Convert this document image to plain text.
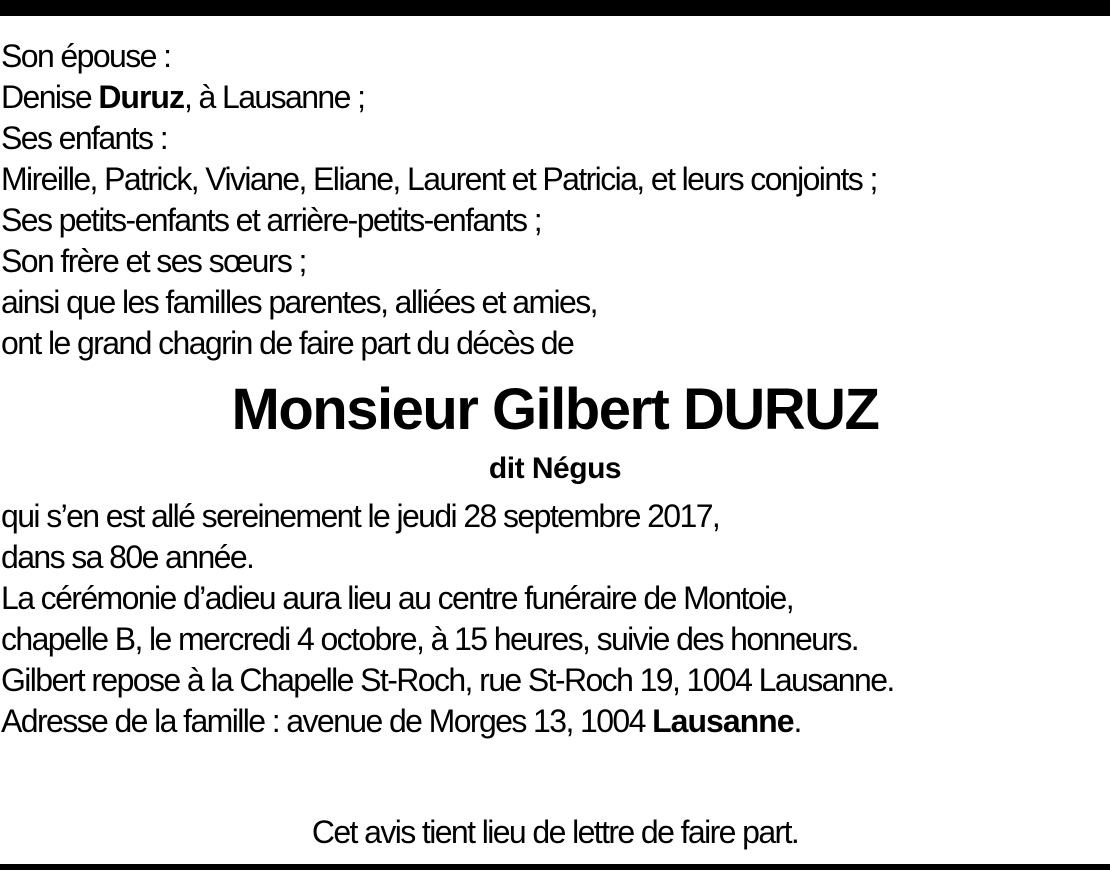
Son épouse :
Denise Duruz, à Lausanne ;
Ses enfants :
Mireille, Patrick, Viviane, Eliane, Laurent et Patricia, et leurs conjoints ;
Ses petits-enfants et arrière-petits-enfants ;
Son frère et ses sœurs ;
ainsi que les familles parentes, alliées et amies,
ont le grand chagrin de faire part du décès de
Monsieur Gilbert DURUZ
dit Négus
qui s’en est allé sereinement le jeudi 28 septembre 2017,
dans sa 80e année.
La cérémonie d’adieu aura lieu au centre funéraire de Montoie,
chapelle B, le mercredi 4 octobre, à 15 heures, suivie des honneurs.
Gilbert repose à la Chapelle St-Roch, rue St-Roch 19, 1004 Lausanne.
Adresse de la famille : avenue de Morges 13, 1004 Lausanne.
Cet avis tient lieu de lettre de faire part.
